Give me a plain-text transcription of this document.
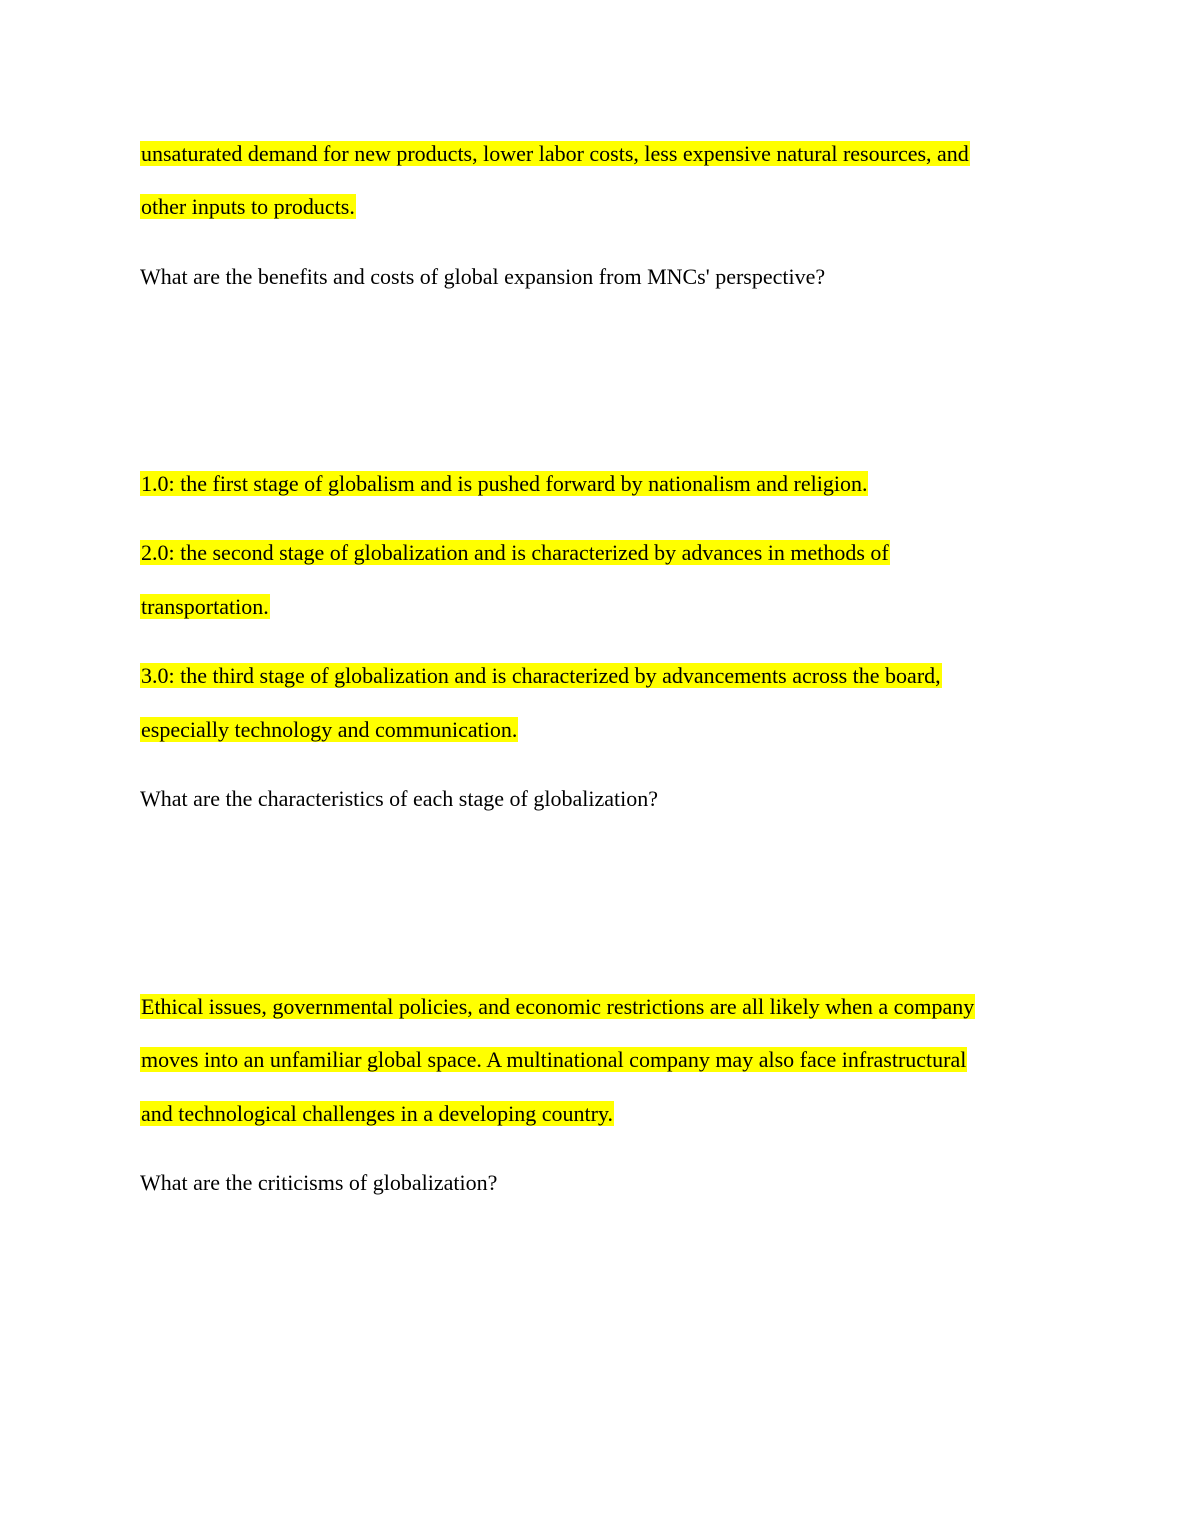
unsaturated demand for new products, lower labor costs, less expensive natural resources, and
other inputs to products.
What are the benefits and costs of global expansion from MNCs' perspective?
1.0: the first stage of globalism and is pushed forward by nationalism and religion.
2.0: the second stage of globalization and is characterized by advances in methods of
transportation.
3.0: the third stage of globalization and is characterized by advancements across the board,
especially technology and communication.
What are the characteristics of each stage of globalization?
Ethical issues, governmental policies, and economic restrictions are all likely when a company
moves into an unfamiliar global space. A multinational company may also face infrastructural
and technological challenges in a developing country.
What are the criticisms of globalization?
